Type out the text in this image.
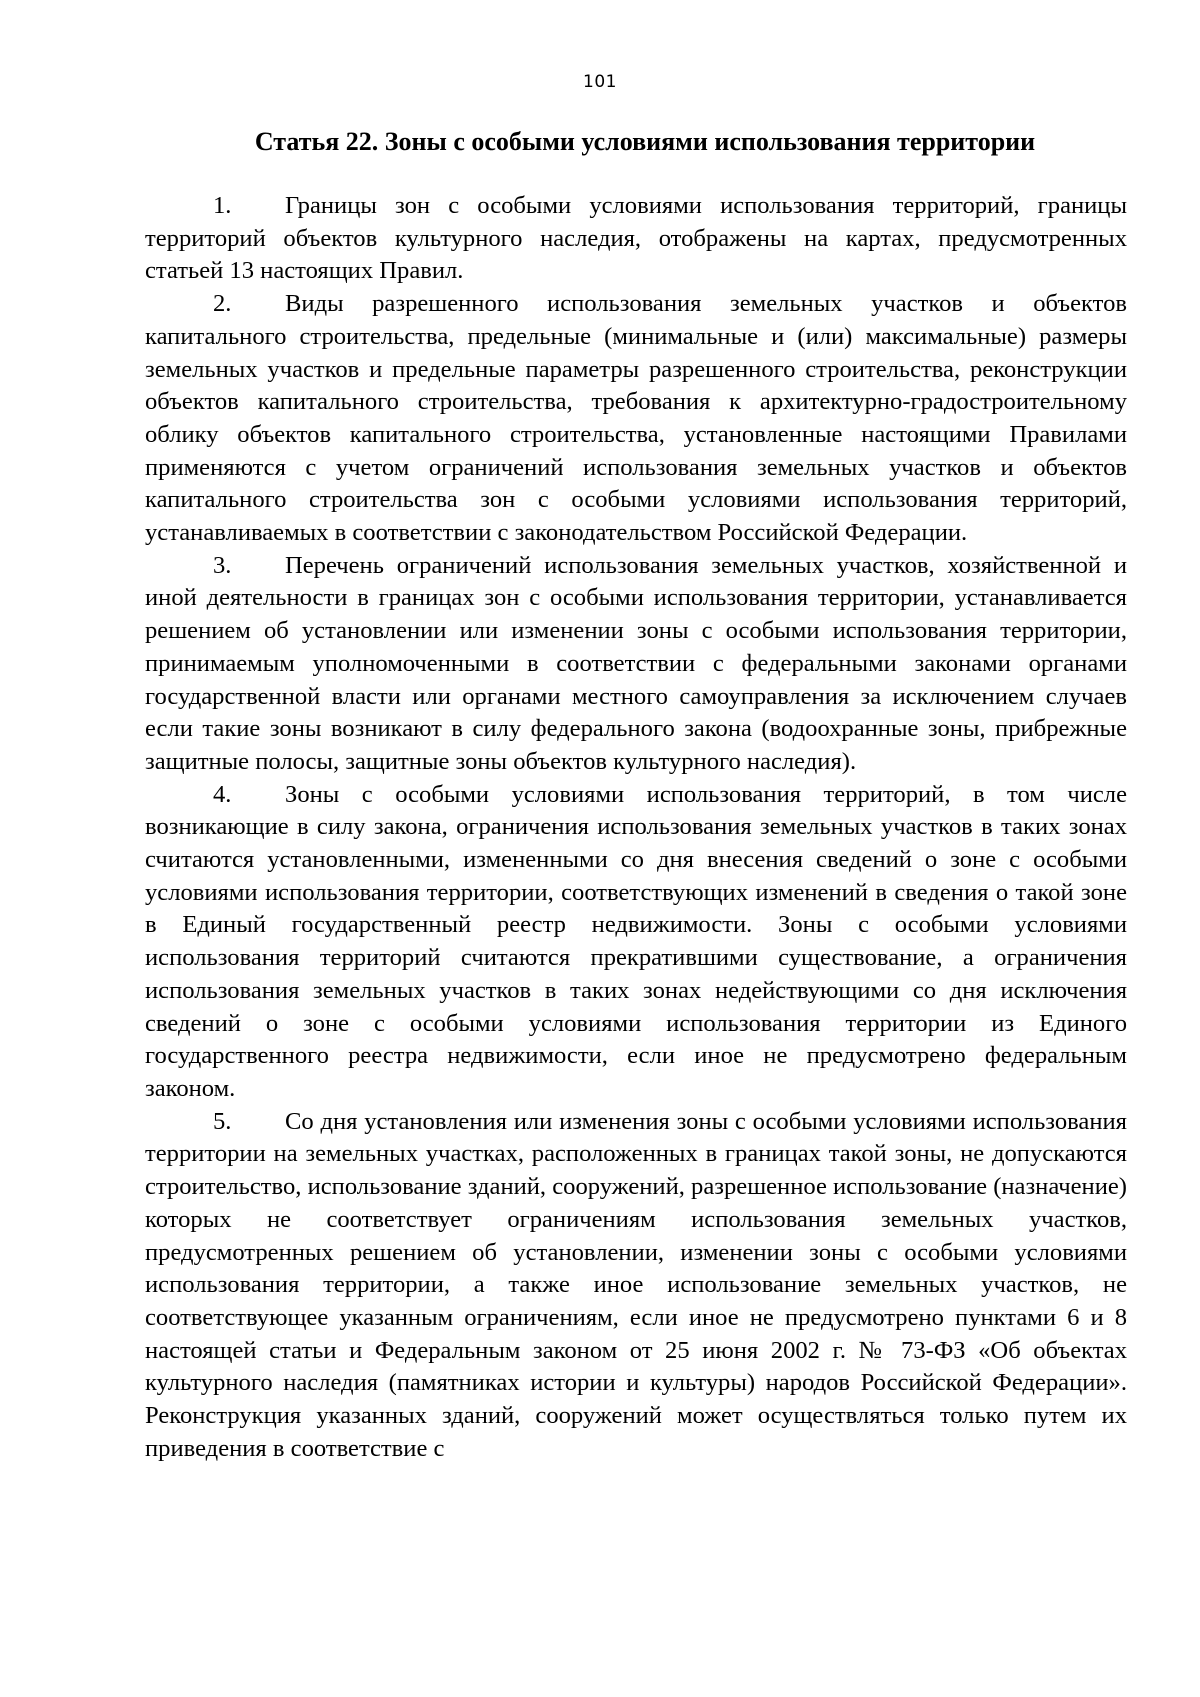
101
Статья 22. Зоны с особыми условиями использования территории

1. Границы зон с особыми условиями использования территорий, границы территорий объектов культурного наследия, отображены на картах, предусмотренных статьей 13 настоящих Правил.

2. Виды разрешенного использования земельных участков и объектов капитального строительства, предельные (минимальные и (или) максимальные) размеры земельных участков и предельные параметры разрешенного строительства, реконструкции объектов капитального строительства, требования к архитектурно-градостроительному облику объектов капитального строительства, установленные настоящими Правилами применяются с учетом ограничений использования земельных участков и объектов капитального строительства зон с особыми условиями использования территорий, устанавливаемых в соответствии с законодательством Российской Федерации.

3. Перечень ограничений использования земельных участков, хозяйственной и иной деятельности в границах зон с особыми использования территории, устанавливается решением об установлении или изменении зоны с особыми использования территории, принимаемым уполномоченными в соответствии с федеральными законами органами государственной власти или органами местного самоуправления за исключением случаев если такие зоны возникают в силу федерального закона (водоохранные зоны, прибрежные защитные полосы, защитные зоны объектов культурного наследия).

4. Зоны с особыми условиями использования территорий, в том числе возникающие в силу закона, ограничения использования земельных участков в таких зонах считаются установленными, измененными со дня внесения сведений о зоне с особыми условиями использования территории, соответствующих изменений в сведения о такой зоне в Единый государственный реестр недвижимости. Зоны с особыми условиями использования территорий считаются прекратившими существование, а ограничения использования земельных участков в таких зонах недействующими со дня исключения сведений о зоне с особыми условиями использования территории из Единого государственного реестра недвижимости, если иное не предусмотрено федеральным законом.

5. Со дня установления или изменения зоны с особыми условиями использования территории на земельных участках, расположенных в границах такой зоны, не допускаются строительство, использование зданий, сооружений, разрешенное использование (назначение) которых не соответствует ограничениям использования земельных участков, предусмотренных решением об установлении, изменении зоны с особыми условиями использования территории, а также иное использование земельных участков, не соответствующее указанным ограничениям, если иное не предусмотрено пунктами 6 и 8 настоящей статьи и Федеральным законом от 25 июня 2002 г. № 73-ФЗ «Об объектах культурного наследия (памятниках истории и культуры) народов Российской Федерации». Реконструкция указанных зданий, сооружений может осуществляться только путем их приведения в соответствие с
